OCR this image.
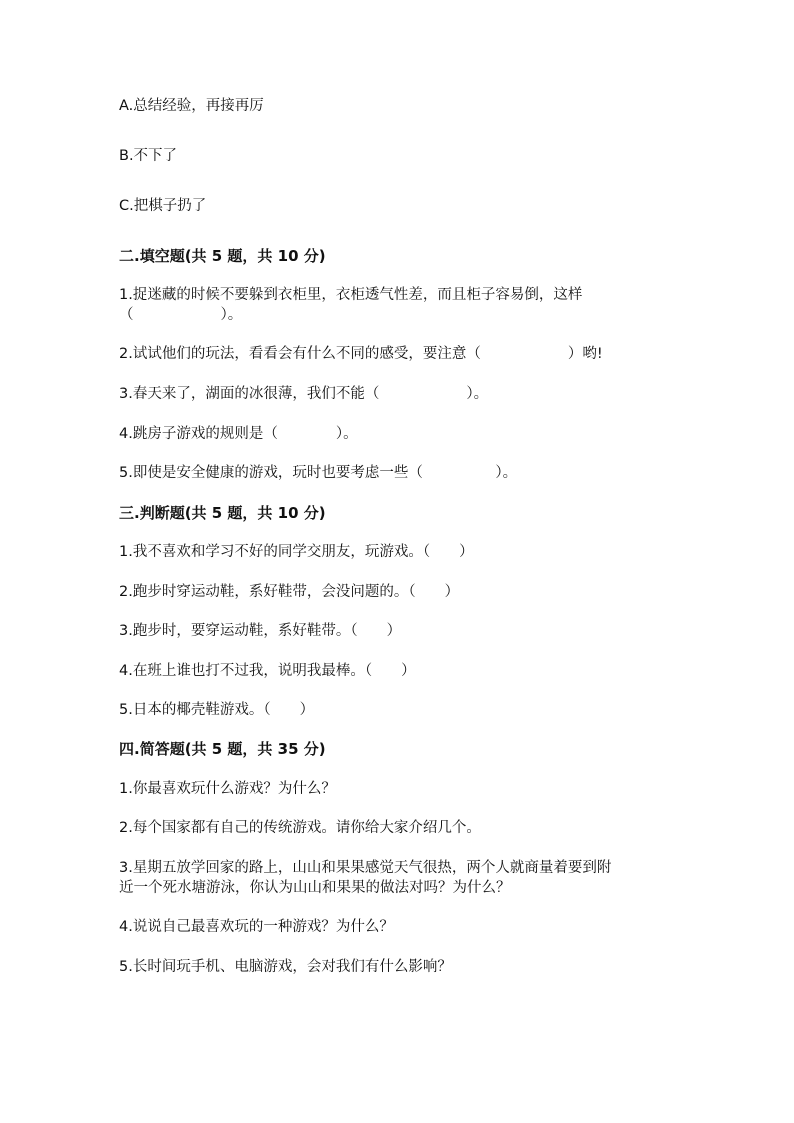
A.总结经验，再接再厉
B.不下了
C.把棋子扔了
二.填空题(共 5 题，共 10 分)
1.捉迷藏的时候不要躲到衣柜里，衣柜透气性差，而且柜子容易倒，这样
（　　　　　　）。
2.试试他们的玩法，看看会有什么不同的感受，要注意（　　　　　　）哟!
3.春天来了，湖面的冰很薄，我们不能（　　　　　　）。
4.跳房子游戏的规则是（　　　　）。
5.即使是安全健康的游戏，玩时也要考虑一些（　　　　　）。
三.判断题(共 5 题，共 10 分)
1.我不喜欢和学习不好的同学交朋友，玩游戏。（　　）
2.跑步时穿运动鞋，系好鞋带，会没问题的。（　　）
3.跑步时，要穿运动鞋，系好鞋带。（　　）
4.在班上谁也打不过我，说明我最棒。（　　）
5.日本的椰壳鞋游戏。（　　）
四.简答题(共 5 题，共 35 分)
1.你最喜欢玩什么游戏？为什么？
2.每个国家都有自己的传统游戏。请你给大家介绍几个。
3.星期五放学回家的路上，山山和果果感觉天气很热，两个人就商量着要到附
近一个死水塘游泳，你认为山山和果果的做法对吗？为什么？
4.说说自己最喜欢玩的一种游戏？为什么？
5.长时间玩手机、电脑游戏，会对我们有什么影响？
